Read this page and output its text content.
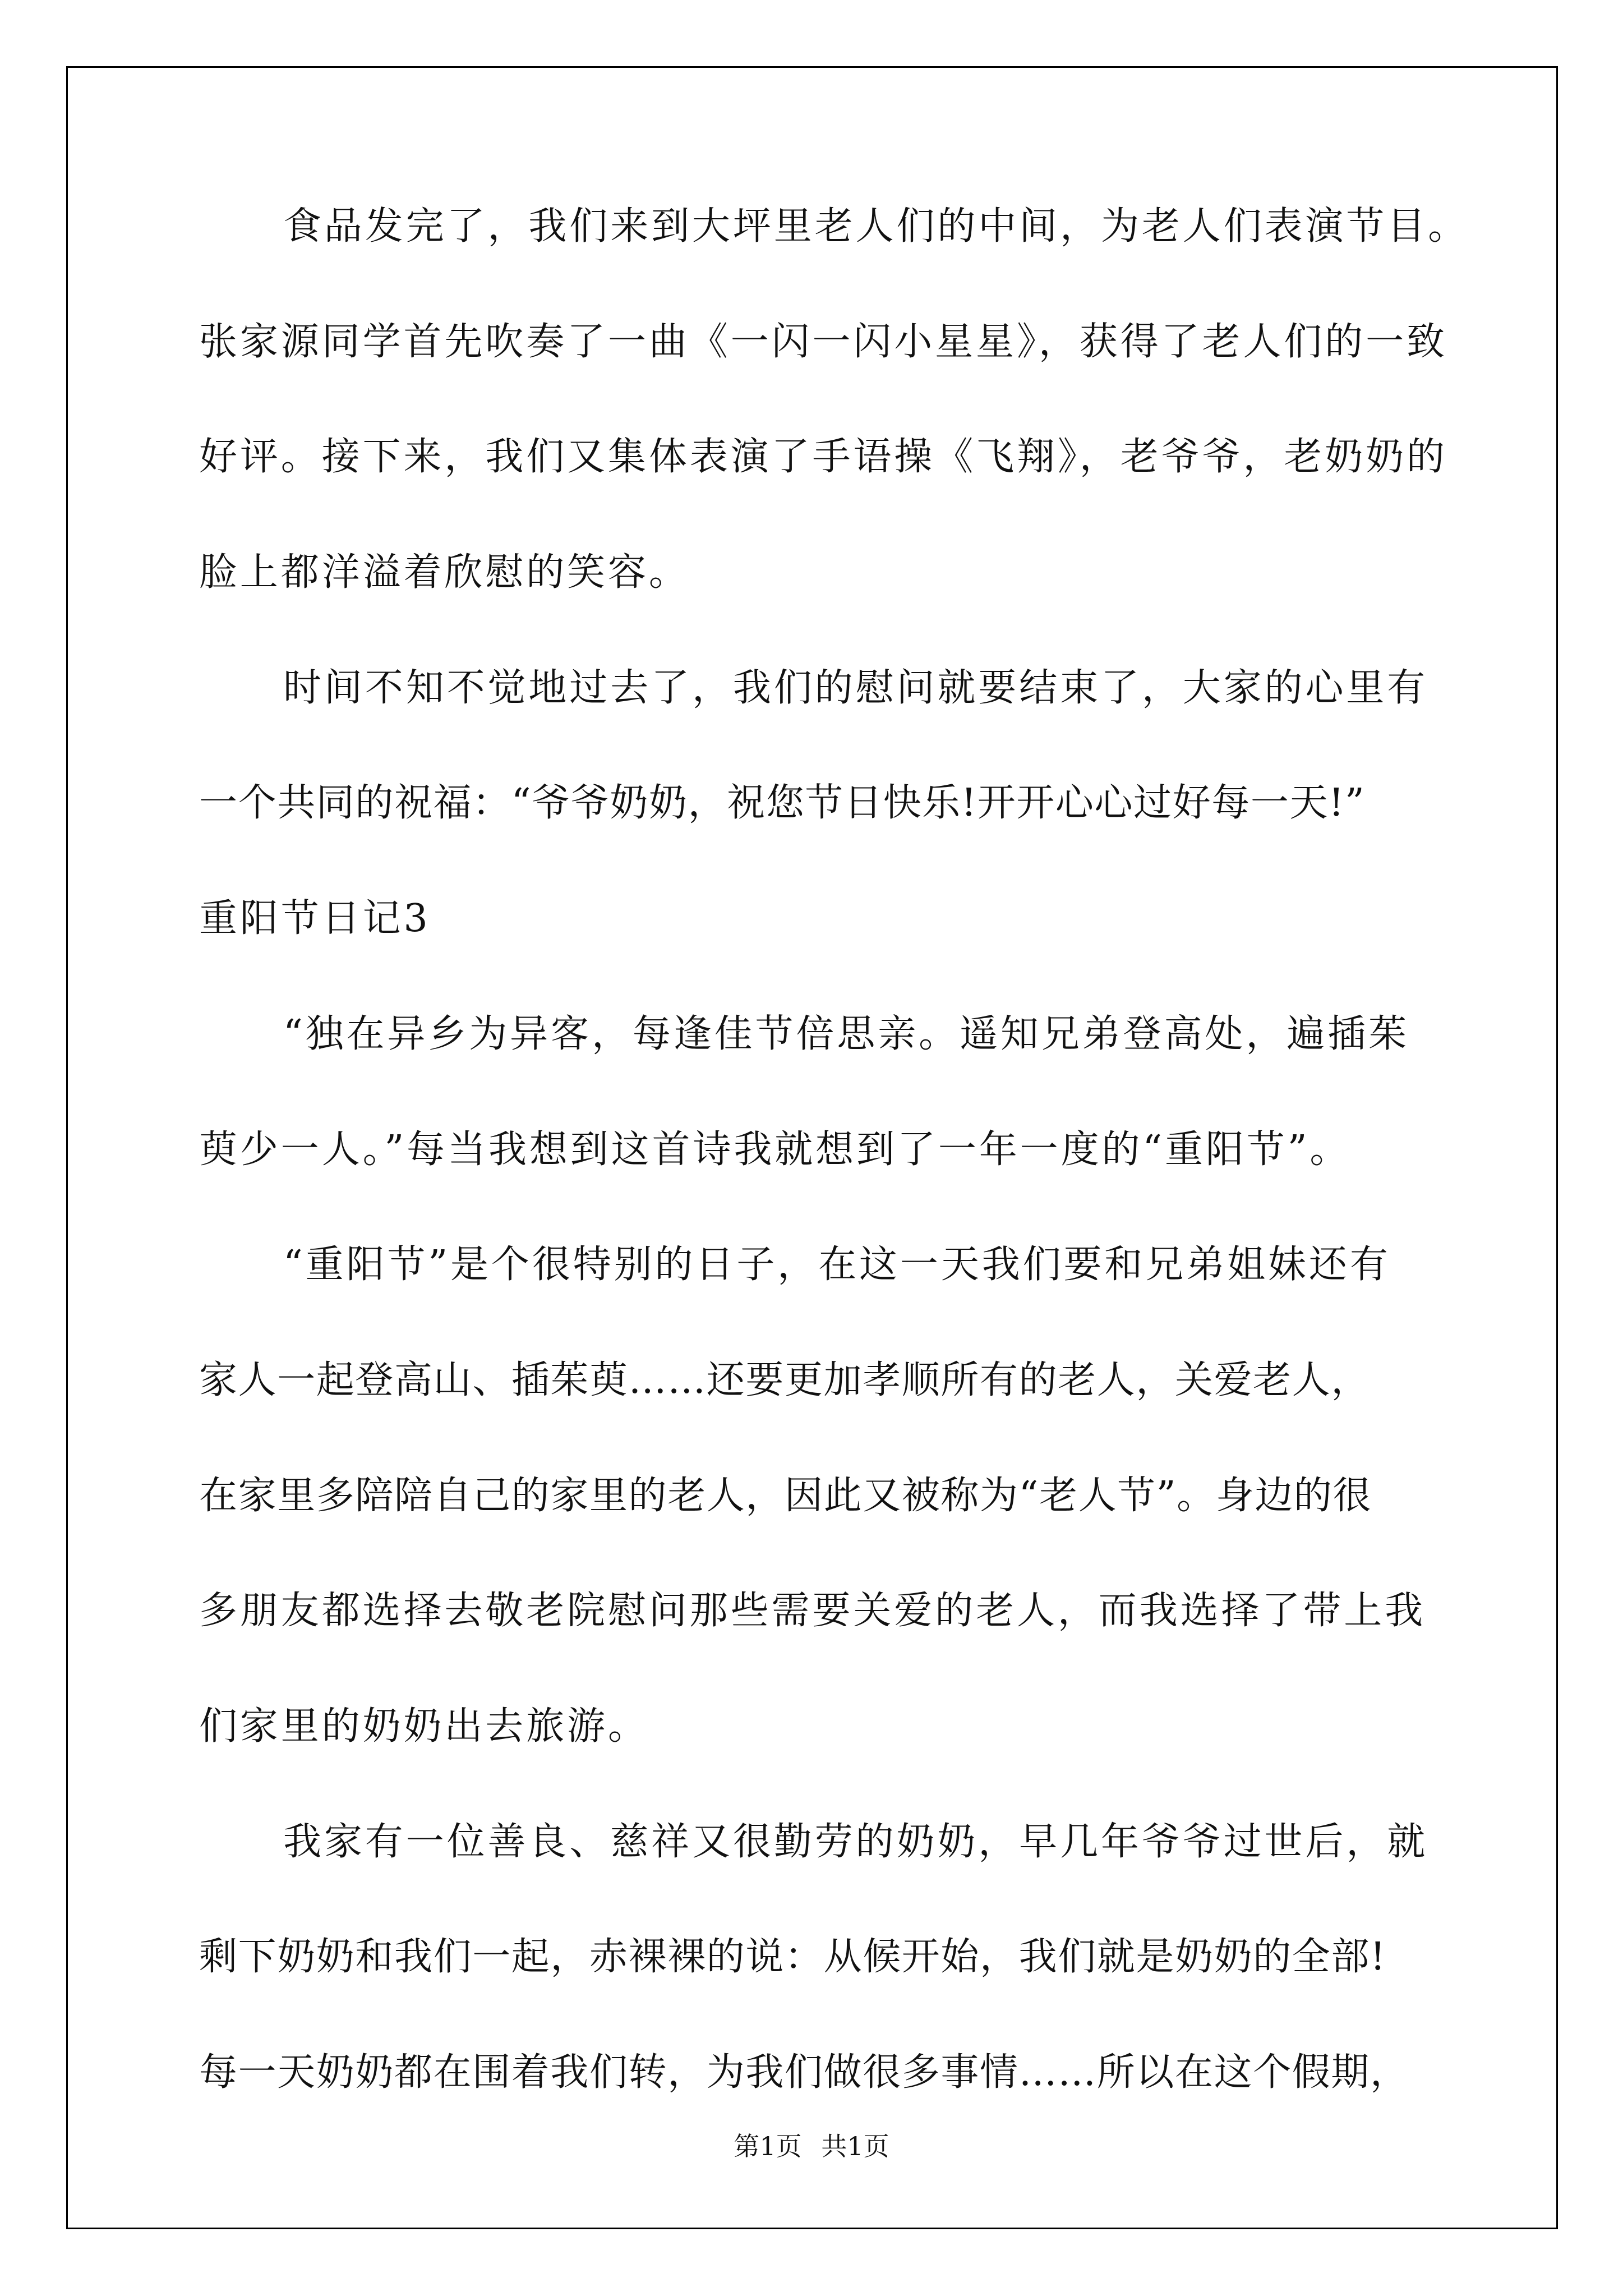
食品发完了，我们来到大坪里老人们的中间，为老人们表演节目。

张家源同学首先吹奏了一曲《一闪一闪小星星》，获得了老人们的一致

好评。接下来，我们又集体表演了手语操《飞翔》，老爷爷，老奶奶的

脸上都洋溢着欣慰的笑容。

时间不知不觉地过去了，我们的慰问就要结束了，大家的心里有

一个共同的祝福：“爷爷奶奶，祝您节日快乐!开开心心过好每一天!”

重阳节日记3

“独在异乡为异客，每逢佳节倍思亲。遥知兄弟登高处，遍插茱

萸少一人。”每当我想到这首诗我就想到了一年一度的“重阳节”。

“重阳节”是个很特别的日子，在这一天我们要和兄弟姐妹还有

家人一起登高山、插茱萸……还要更加孝顺所有的老人，关爱老人，

在家里多陪陪自己的家里的老人，因此又被称为“老人节”。身边的很

多朋友都选择去敬老院慰问那些需要关爱的老人，而我选择了带上我

们家里的奶奶出去旅游。

我家有一位善良、慈祥又很勤劳的奶奶，早几年爷爷过世后，就

剩下奶奶和我们一起，赤裸裸的说：从候开始，我们就是奶奶的全部!

每一天奶奶都在围着我们转，为我们做很多事情……所以在这个假期，

第1页 共1页
